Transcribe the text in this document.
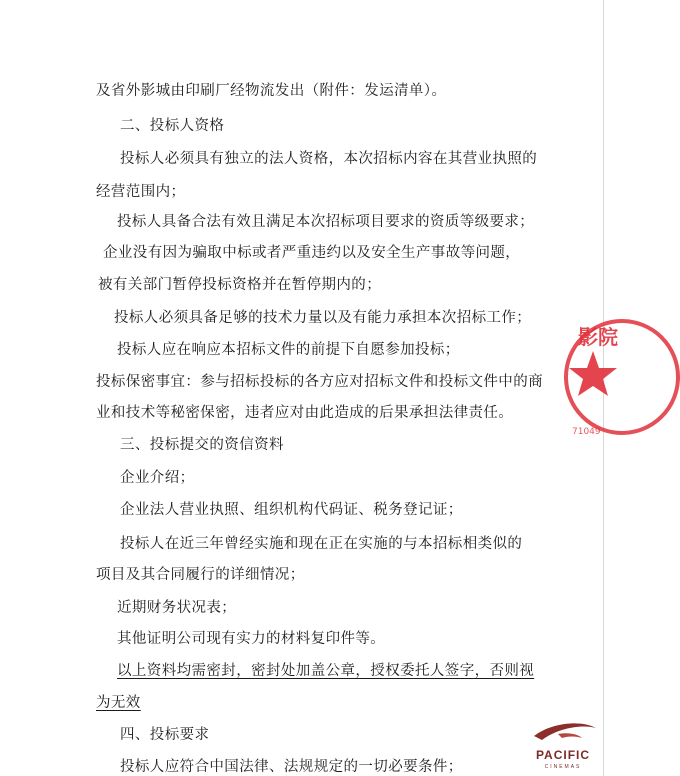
及省外影城由印刷厂经物流发出（附件：发运清单）。
二、投标人资格
投标人必须具有独立的法人资格，本次招标内容在其营业执照的
经营范围内；
投标人具备合法有效且满足本次招标项目要求的资质等级要求；
企业没有因为骗取中标或者严重违约以及安全生产事故等问题，
被有关部门暂停投标资格并在暂停期内的；
投标人必须具备足够的技术力量以及有能力承担本次招标工作；
投标人应在响应本招标文件的前提下自愿参加投标；
投标保密事宜：参与招标投标的各方应对招标文件和投标文件中的商
业和技术等秘密保密，违者应对由此造成的后果承担法律责任。
三、投标提交的资信资料
企业介绍；
企业法人营业执照、组织机构代码证、税务登记证；
投标人在近三年曾经实施和现在正在实施的与本招标相类似的
项目及其合同履行的详细情况；
近期财务状况表；
其他证明公司现有实力的材料复印件等。
以上资料均需密封，密封处加盖公章，授权委托人签字，否则视
为无效
四、投标要求
投标人应符合中国法律、法规规定的一切必要条件；
影院
71049
PACIFIC
CINEMAS
